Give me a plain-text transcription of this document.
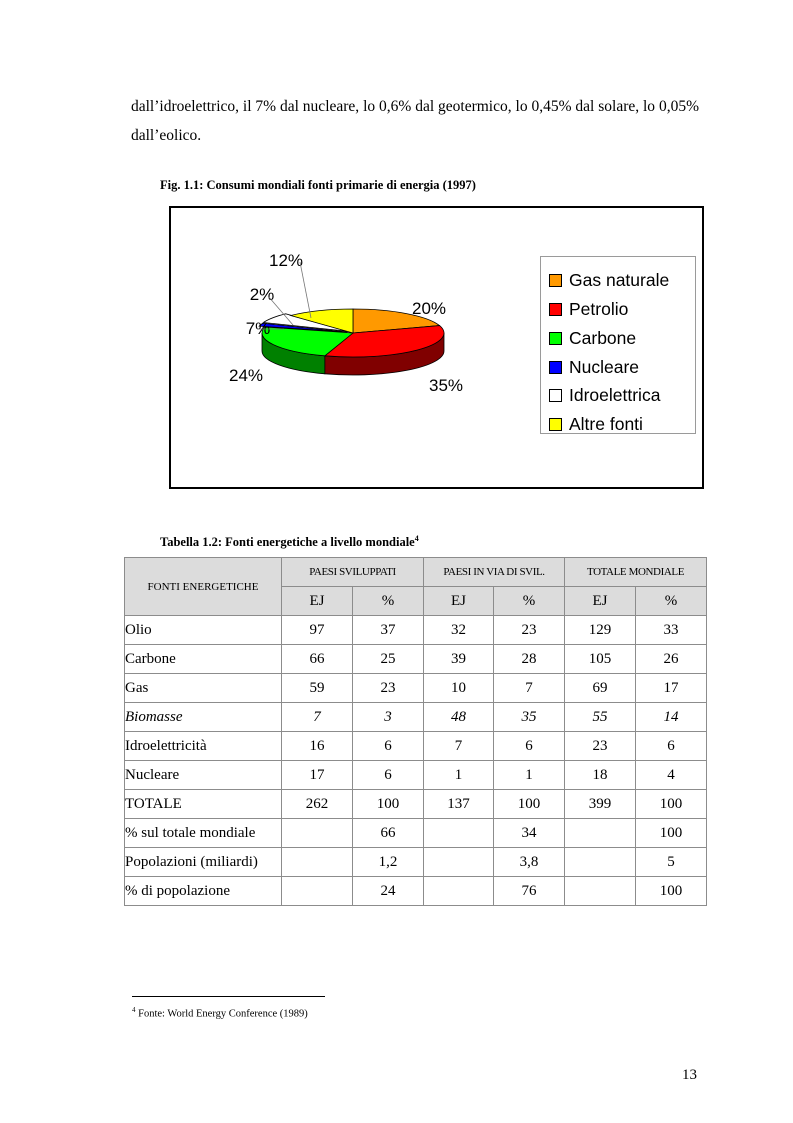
dall’idroelettrico, il 7% dal nucleare, lo 0,6% dal geotermico, lo 0,45% dal solare, lo 0,05% dall’eolico.
Fig. 1.1: Consumi mondiali fonti primarie di energia (1997)
20%
35%
24%
2%
7%
12%
Gas naturale
Petrolio
Carbone
Nucleare
Idroelettrica
Altre fonti
Tabella 1.2: Fonti energetiche a livello mondiale$^4$
FONTI ENERGETICHE	PAESI SVILUPPATI		PAESI IN VIA DI SVIL.		TOTALE MONDIALE	
	EJ	%	EJ	%	EJ	%
Olio	97	37	32	23	129	33
Carbone	66	25	39	28	105	26
Gas	59	23	10	7	69	17
Biomasse	7	3	48	35	55	14
Idroelettricità	16	6	7	6	23	6
Nucleare	17	6	1	1	18	4
TOTALE	262	100	137	100	399	100
% sul totale mondiale		66		34		100
Popolazioni (miliardi)		1,2		3,8		5
% di popolazione		24		76		100
$^4$ Fonte: World Energy Conference (1989)
13
